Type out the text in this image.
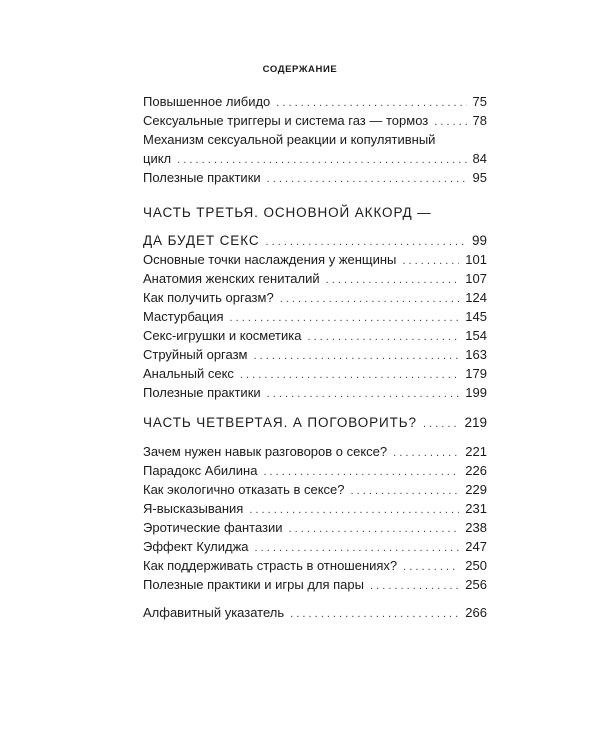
СОДЕРЖАНИЕ
Повышенное либидо . . .	75
Сексуальные триггеры и система газ — тормоз . . .	78
Механизм сексуальной реакции и копулятивный
цикл . . .	84
Полезные практики . . .	95
ЧАСТЬ ТРЕТЬЯ. ОСНОВНОЙ АККОРД —
ДА БУДЕТ СЕКС . . .	99
Основные точки наслаждения у женщины . . .	101
Анатомия женских гениталий . . .	107
Как получить оргазм? . . .	124
Мастурбация . . .	145
Секс-игрушки и косметика . . .	154
Струйный оргазм . . .	163
Анальный секс . . .	179
Полезные практики . . .	199
ЧАСТЬ ЧЕТВЕРТАЯ. А ПОГОВОРИТЬ? . . .	219
Зачем нужен навык разговоров о сексе? . . .	221
Парадокс Абилина . . .	226
Как экологично отказать в сексе? . . .	229
Я-высказывания . . .	231
Эротические фантазии . . .	238
Эффект Кулиджа . . .	247
Как поддерживать страсть в отношениях? . . .	250
Полезные практики и игры для пары . . .	256
Алфавитный указатель . . .	266
